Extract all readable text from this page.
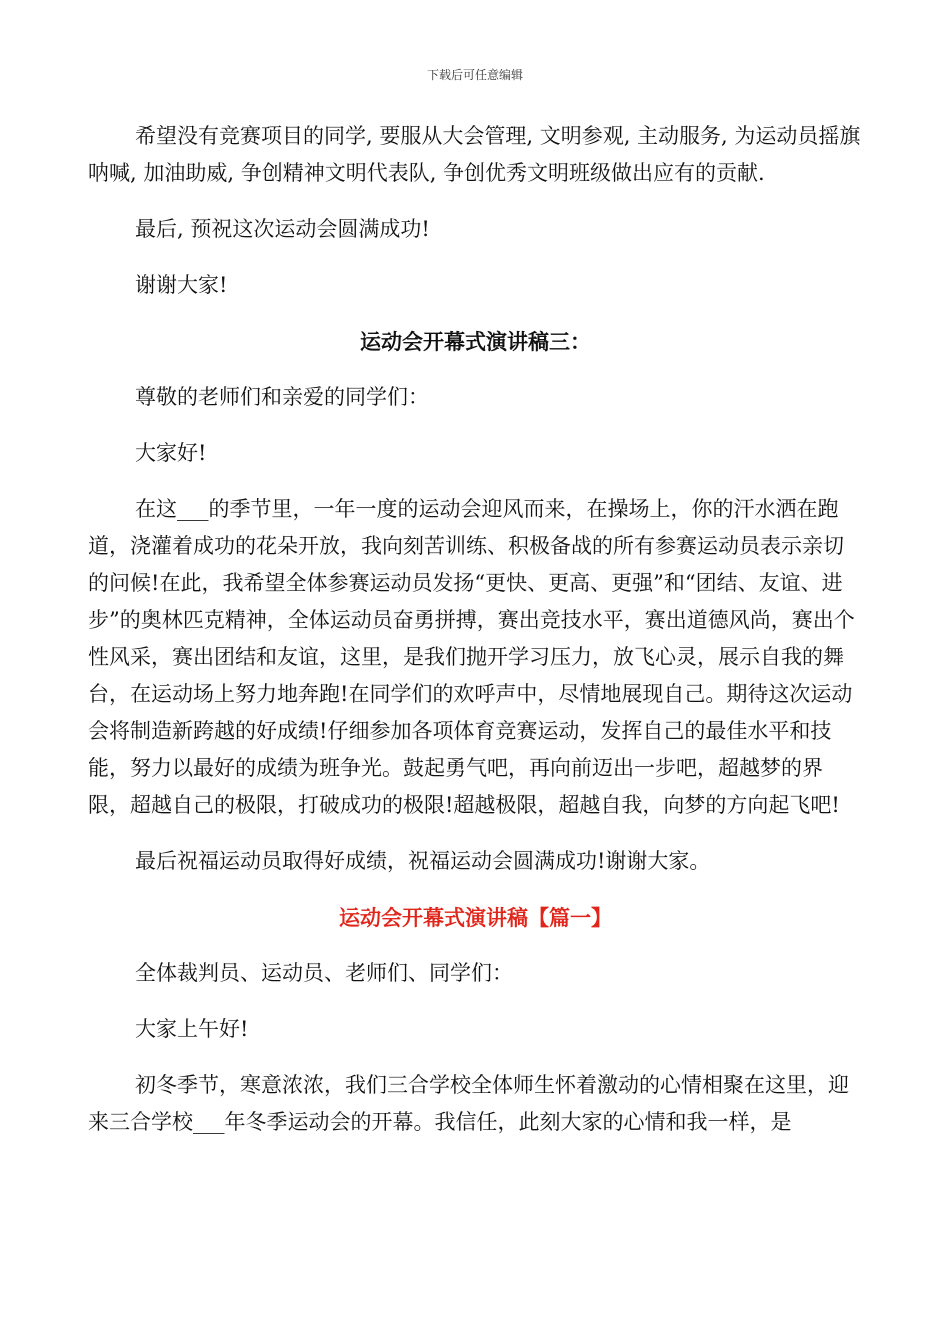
下载后可任意编辑

希望没有竞赛项目的同学, 要服从大会管理, 文明参观, 主动服务, 为运动员摇旗呐喊, 加油助威, 争创精神文明代表队, 争创优秀文明班级做出应有的贡献.

最后, 预祝这次运动会圆满成功!

谢谢大家!

运动会开幕式演讲稿三：

尊敬的老师们和亲爱的同学们：

大家好!

在这___的季节里，一年一度的运动会迎风而来，在操场上，你的汗水洒在跑道，浇灌着成功的花朵开放，我向刻苦训练、积极备战的所有参赛运动员表示亲切的问候!在此，我希望全体参赛运动员发扬“更快、更高、更强”和“团结、友谊、进步”的奥林匹克精神，全体运动员奋勇拼搏，赛出竞技水平，赛出道德风尚，赛出个性风采，赛出团结和友谊，这里，是我们抛开学习压力，放飞心灵，展示自我的舞台，在运动场上努力地奔跑!在同学们的欢呼声中，尽情地展现自己。期待这次运动会将制造新跨越的好成绩!仔细参加各项体育竞赛运动，发挥自己的最佳水平和技能，努力以最好的成绩为班争光。鼓起勇气吧，再向前迈出一步吧，超越梦的界限，超越自己的极限，打破成功的极限!超越极限，超越自我，向梦的方向起飞吧!

最后祝福运动员取得好成绩，祝福运动会圆满成功!谢谢大家。

运动会开幕式演讲稿【篇一】

全体裁判员、运动员、老师们、同学们：

大家上午好!

初冬季节，寒意浓浓，我们三合学校全体师生怀着激动的心情相聚在这里，迎来三合学校___年冬季运动会的开幕。我信任，此刻大家的心情和我一样，是
